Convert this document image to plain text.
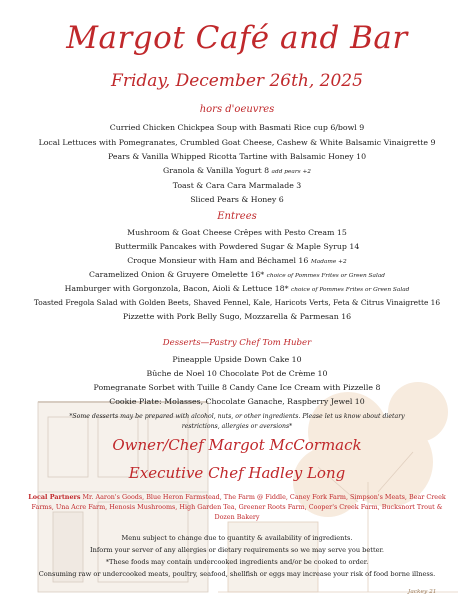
Jackey 21
Margot Café and Bar
Friday, December 26th, 2025
hors d'oeuvres
Curried Chicken Chickpea Soup with Basmati Rice cup 6/bowl 9
Local Lettuces with Pomegranates, Crumbled Goat Cheese, Cashew & White Balsamic Vinaigrette 9
Pears & Vanilla Whipped Ricotta Tartine with Balsamic Honey 10
Granola & Vanilla Yogurt 8 add pears +2
Toast & Cara Cara Marmalade 3
Sliced Pears & Honey 6
Entrees
Mushroom & Goat Cheese Crêpes with Pesto Cream 15
Buttermilk Pancakes with Powdered Sugar & Maple Syrup 14
Croque Monsieur with Ham and Béchamel 16 Madame +2
Caramelized Onion & Gruyere Omelette 16* choice of Pommes Frites or Green Salad
Hamburger with Gorgonzola, Bacon, Aioli & Lettuce 18* choice of Pommes Frites or Green Salad
Toasted Fregola Salad with Golden Beets, Shaved Fennel, Kale, Haricots Verts, Feta & Citrus Vinaigrette 16
Pizzette with Pork Belly Sugo, Mozzarella & Parmesan 16
Desserts—Pastry Chef Tom Huber
Pineapple Upside Down Cake 10
Bûche de Noel 10 Chocolate Pot de Crème 10
Pomegranate Sorbet with Tuille 8 Candy Cane Ice Cream with Pizzelle 8
Cookie Plate: Molasses, Chocolate Ganache, Raspberry Jewel 10
*Some desserts may be prepared with alcohol, nuts, or other ingredients. Please let us know about dietary restrictions, allergies or aversions*
Owner/Chef Margot McCormack
Executive Chef Hadley Long
Local Partners Mr. Aaron's Goods, Blue Heron Farmstead, The Farm @ Fiddle, Caney Fork Farm, Simpson's Meats, Bear Creek Farms, Una Acre Farm, Henosis Mushrooms, High Garden Tea, Greener Roots Farm, Cooper's Creek Farm, Bucksnort Trout & Dozen Bakery
Menu subject to change due to quantity & availability of ingredients.
Inform your server of any allergies or dietary requirements so we may serve you better.
*These foods may contain undercooked ingredients and/or be cooked to order.
Consuming raw or undercooked meats, poultry, seafood, shellfish or eggs may increase your risk of food borne illness.
